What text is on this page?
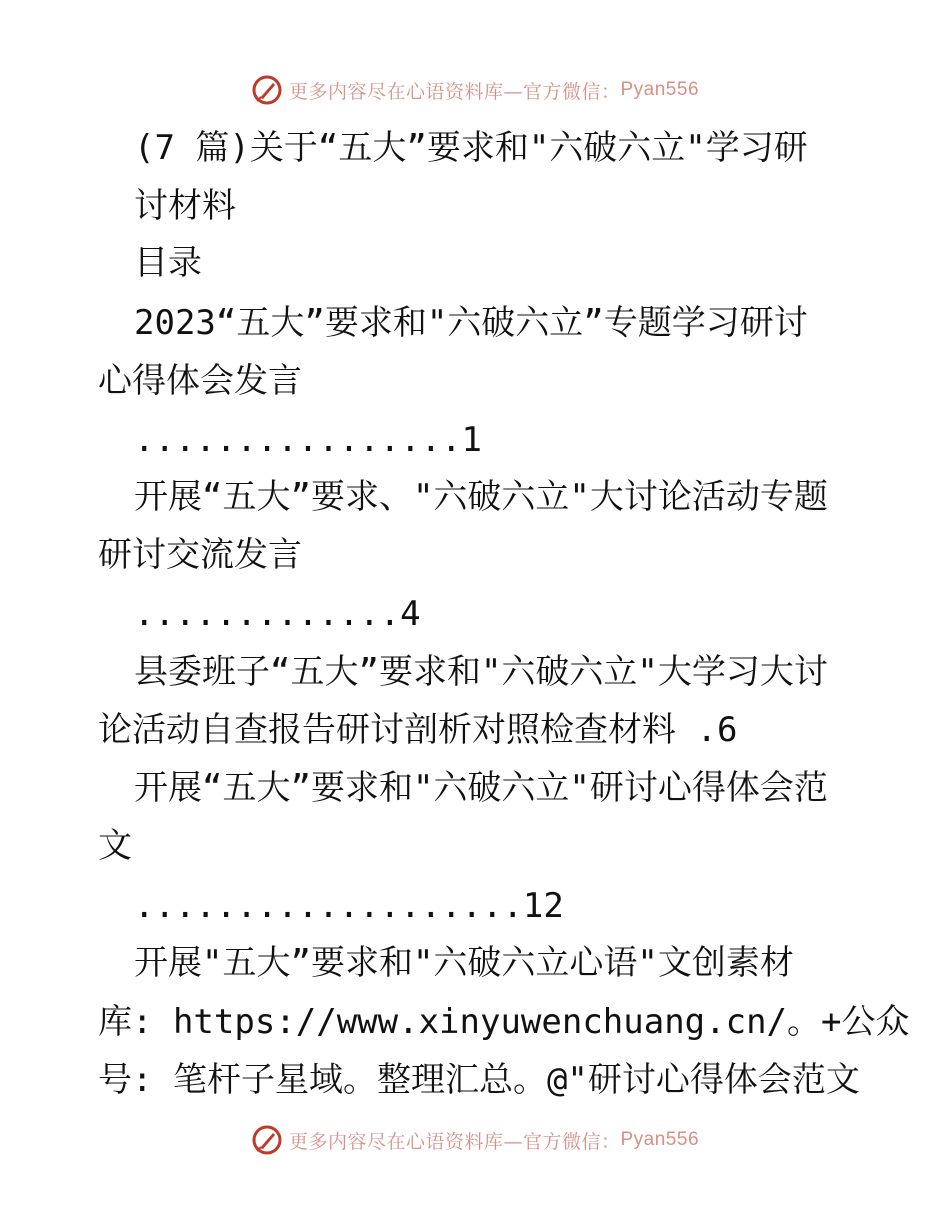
更多内容尽在心语资料库—官方微信： Pyan556
(7 篇)关于“五大”要求和"六破六立"学习研
讨材料
目录
2023“五大”要求和"六破六立”专题学习研讨
心得体会发言
................1
开展“五大”要求、"六破六立"大讨论活动专题
研讨交流发言
.............4
县委班子“五大”要求和"六破六立"大学习大讨
论活动自查报告研讨剖析对照检查材料 .6
开展“五大”要求和"六破六立"研讨心得体会范
文
...................12
开展"五大”要求和"六破六立心语"文创素材
库: https://www.xinyuwenchuang.cn/。+公众
号: 笔杆子星域。整理汇总。@"研讨心得体会范文
更多内容尽在心语资料库—官方微信： Pyan556
